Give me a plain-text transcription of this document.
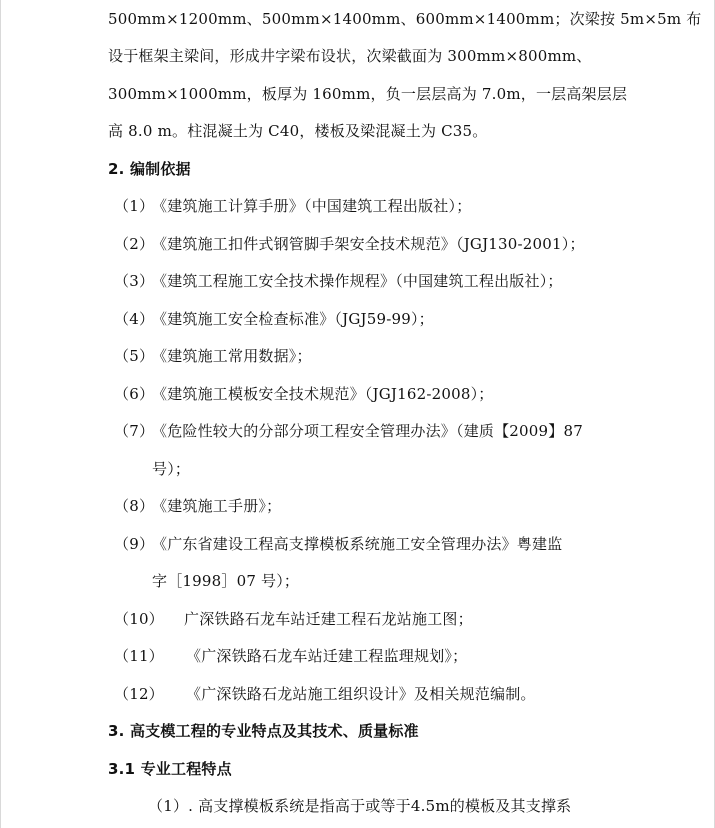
500mm×1200mm、500mm×1400mm、600mm×1400mm；次梁按 5m×5m 布
设于框架主梁间，形成井字梁布设状，次梁截面为 300mm×800mm、
300mm×1000mm，板厚为 160mm，负一层层高为 7.0m，一层高架层层
高 8.0 m。柱混凝土为 C40，楼板及梁混凝土为 C35。
2. 编制依据
（1）《建筑施工计算手册》（中国建筑工程出版社）；
（2）《建筑施工扣件式钢管脚手架安全技术规范》（JGJ130-2001）；
（3）《建筑工程施工安全技术操作规程》（中国建筑工程出版社）；
（4）《建筑施工安全检查标准》（JGJ59-99）；
（5）《建筑施工常用数据》；
（6）《建筑施工模板安全技术规范》（JGJ162-2008）；
（7）《危险性较大的分部分项工程安全管理办法》（建质【2009】87
号）；
（8）《建筑施工手册》；
（9）《广东省建设工程高支撑模板系统施工安全管理办法》粤建监
字［1998］07 号）；
（10） 广深铁路石龙车站迁建工程石龙站施工图；
（11） 《广深铁路石龙车站迁建工程监理规划》；
（12） 《广深铁路石龙站施工组织设计》及相关规范编制。
3. 高支模工程的专业特点及其技术、质量标准
3.1 专业工程特点
（1）. 高支撑模板系统是指高于或等于4.5m的模板及其支撑系
